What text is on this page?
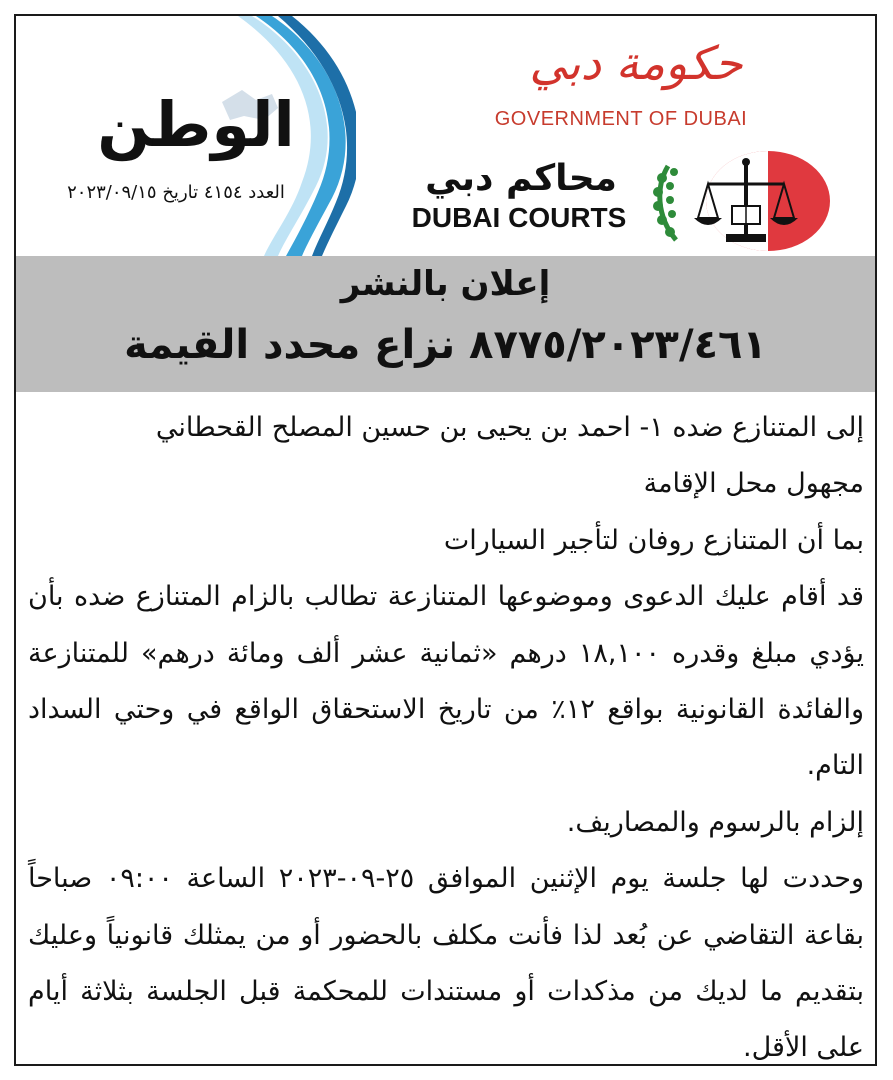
الوطن
العدد ٤١٥٤ تاريخ ٢٠٢٣/٠٩/١٥
حكومة دبي
GOVERNMENT OF DUBAI
محاكم دبي
DUBAI COURTS
إعلان بالنشر
٨٧٧٥/٢٠٢٣/٤٦١ نزاع محدد القيمة

إلى المتنازع ضده ١- احمد بن يحيى بن حسين المصلح القحطاني

مجهول محل الإقامة

بما أن المتنازع روفان لتأجير السيارات

قد أقام عليك الدعوى وموضوعها المتنازعة تطالب بالزام المتنازع ضده بأن يؤدي مبلغ وقدره ١٨,١٠٠ درهم «ثمانية عشر ألف ومائة درهم» للمتنازعة والفائدة القانونية بواقع ١٢٪ من تاريخ الاستحقاق الواقع في وحتي السداد التام.

إلزام بالرسوم والمصاريف.

وحددت لها جلسة يوم الإثنين الموافق ٢٥-٠٩-٢٠٢٣ الساعة ٠٩:٠٠ صباحاً بقاعة التقاضي عن بُعد لذا فأنت مكلف بالحضور أو من يمثلك قانونياً وعليك بتقديم ما لديك من مذكدات أو مستندات للمحكمة قبل الجلسة بثلاثة أيام على الأقل.
